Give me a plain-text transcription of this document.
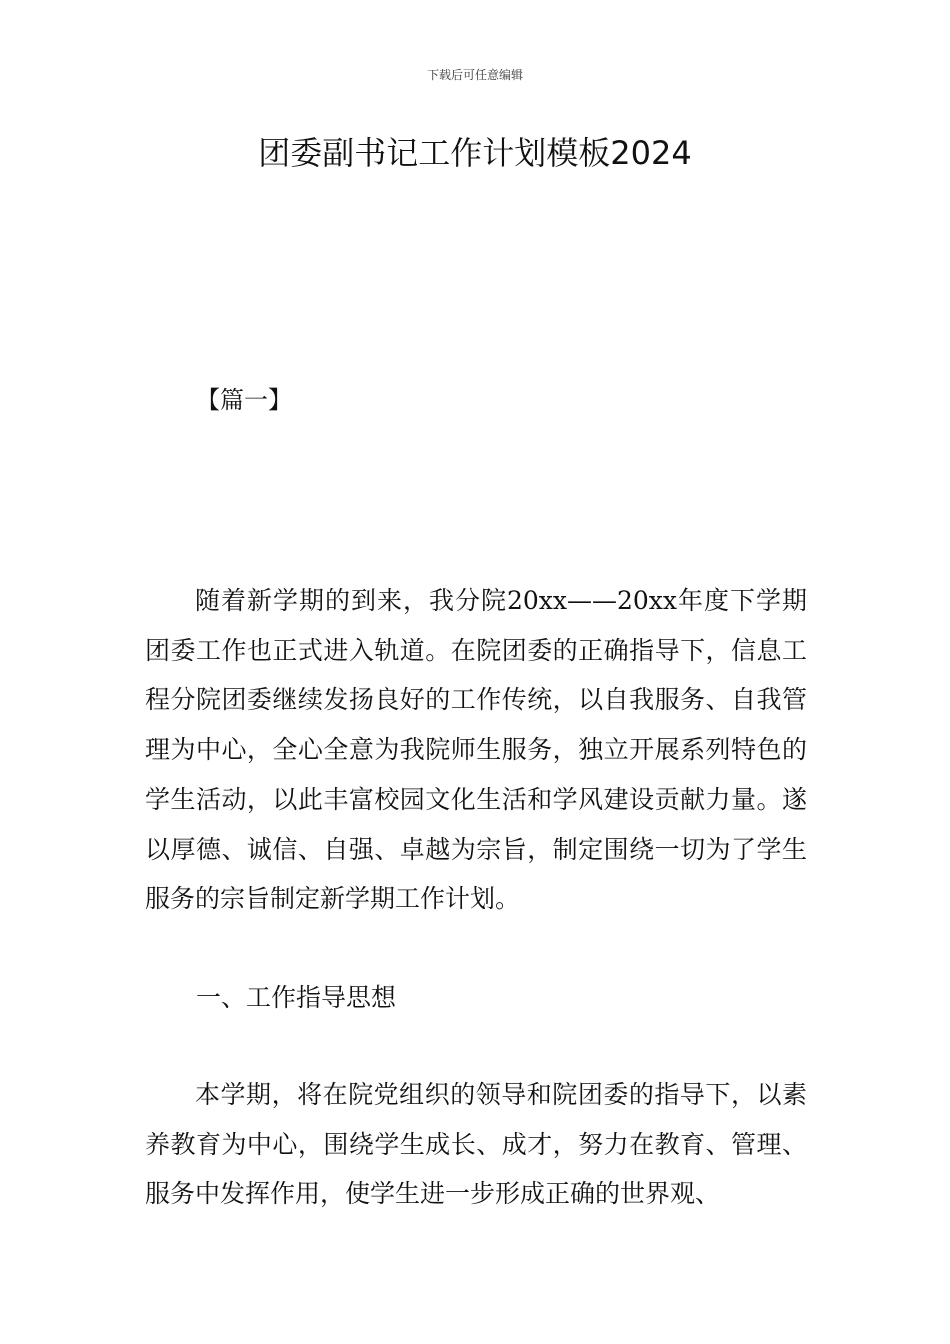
下载后可任意编辑
团委副书记工作计划模板2024

【篇一】

随着新学期的到来，我分院20xx——20xx年度下学期团委工作也正式进入轨道。在院团委的正确指导下，信息工程分院团委继续发扬良好的工作传统，以自我服务、自我管理为中心，全心全意为我院师生服务，独立开展系列特色的学生活动，以此丰富校园文化生活和学风建设贡献力量。遂以厚德、诚信、自强、卓越为宗旨，制定围绕一切为了学生服务的宗旨制定新学期工作计划。

一、工作指导思想

本学期，将在院党组织的领导和院团委的指导下，以素养教育为中心，围绕学生成长、成才，努力在教育、管理、服务中发挥作用，使学生进一步形成正确的世界观、
